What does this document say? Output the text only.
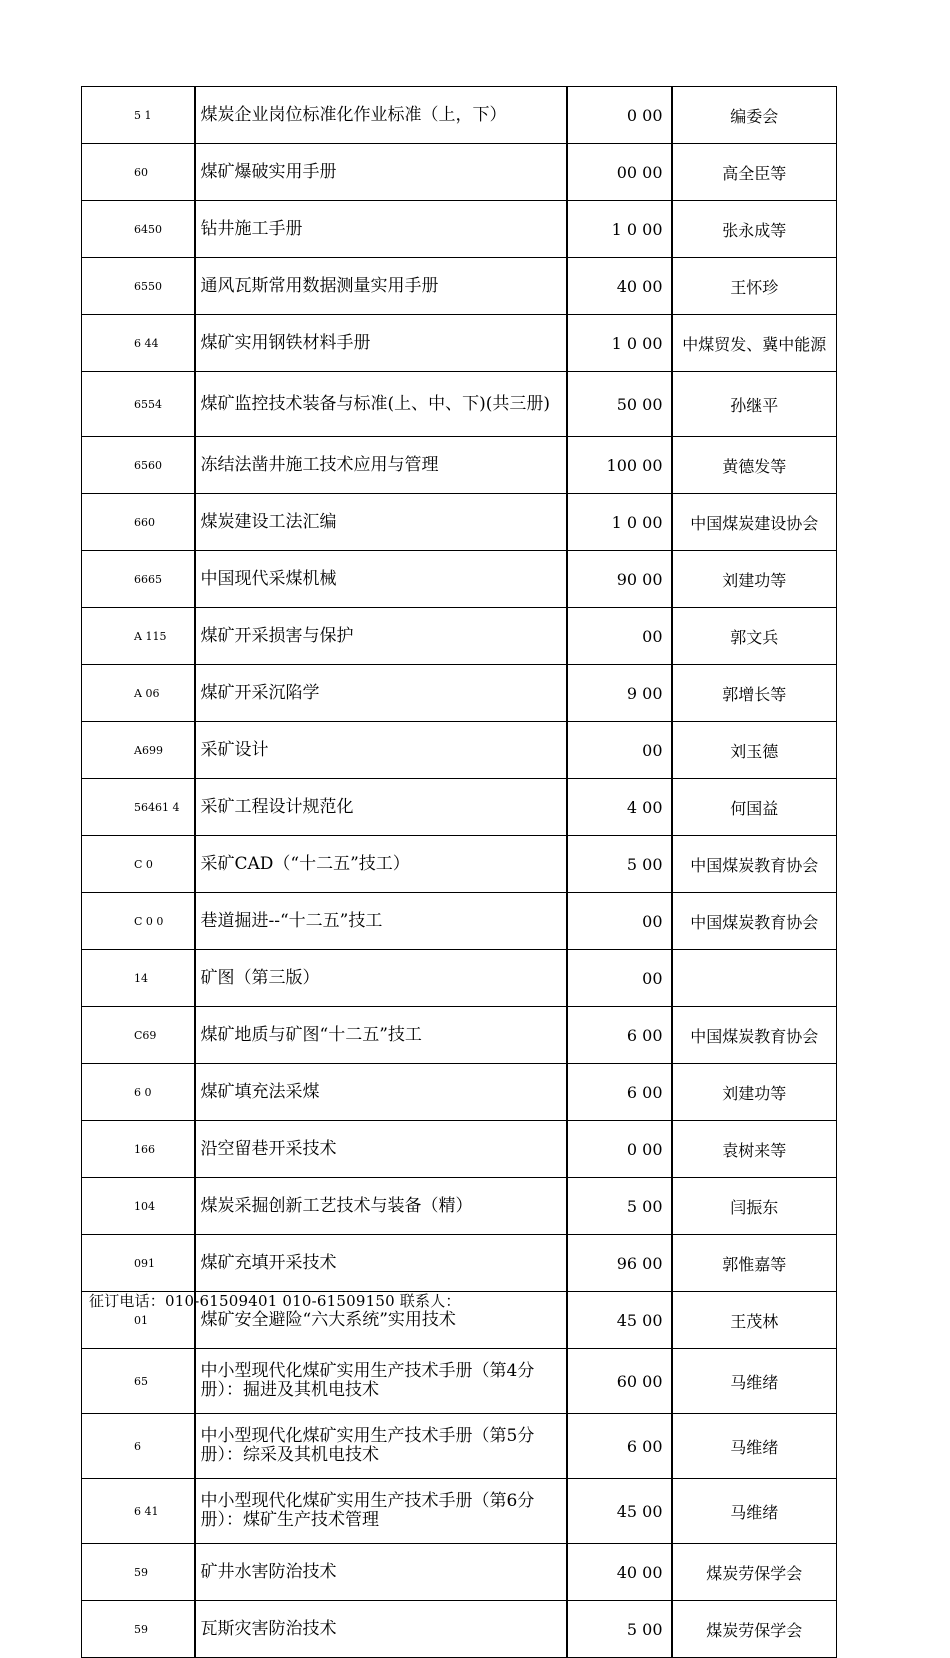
5 1	煤炭企业岗位标准化作业标准（上，下）	0 00	编委会
60	煤矿爆破实用手册	00 00	高全臣等
6450	钻井施工手册	1 0 00	张永成等
6550	通风瓦斯常用数据测量实用手册	40 00	王怀珍
6 44	煤矿实用钢铁材料手册	1 0 00	中煤贸发、冀中能源
6554	煤矿监控技术装备与标准(上、中、下)(共三册)	50 00	孙继平
6560	冻结法凿井施工技术应用与管理	100 00	黄德发等
660	煤炭建设工法汇编	1 0 00	中国煤炭建设协会
6665	中国现代采煤机械	90 00	刘建功等
A 115	煤矿开采损害与保护	00	郭文兵
A 06	煤矿开采沉陷学	9 00	郭增长等
A699	采矿设计	00	刘玉德
56461 4	采矿工程设计规范化	4 00	何国益
C 0	采矿CAD（“十二五”技工）	5 00	中国煤炭教育协会
C 0 0	巷道掘进--“十二五”技工	00	中国煤炭教育协会
14	矿图（第三版）	00	
C69	煤矿地质与矿图“十二五”技工	6 00	中国煤炭教育协会
6 0	煤矿填充法采煤	6 00	刘建功等
166	沿空留巷开采技术	0 00	袁树来等
104	煤炭采掘创新工艺技术与装备（精）	5 00	闫振东
091	煤矿充填开采技术	96 00	郭惟嘉等
01	煤矿安全避险“六大系统”实用技术	45 00	王茂林
65	中小型现代化煤矿实用生产技术手册（第4分册）：掘进及其机电技术	60 00	马维绪
6	中小型现代化煤矿实用生产技术手册（第5分册）：综采及其机电技术	6 00	马维绪
6 41	中小型现代化煤矿实用生产技术手册（第6分册）：煤矿生产技术管理	45 00	马维绪
59	矿井水害防治技术	40 00	煤炭劳保学会
59	瓦斯灾害防治技术	5 00	煤炭劳保学会
征订电话：010-61509401 010-61509150 联系人：
